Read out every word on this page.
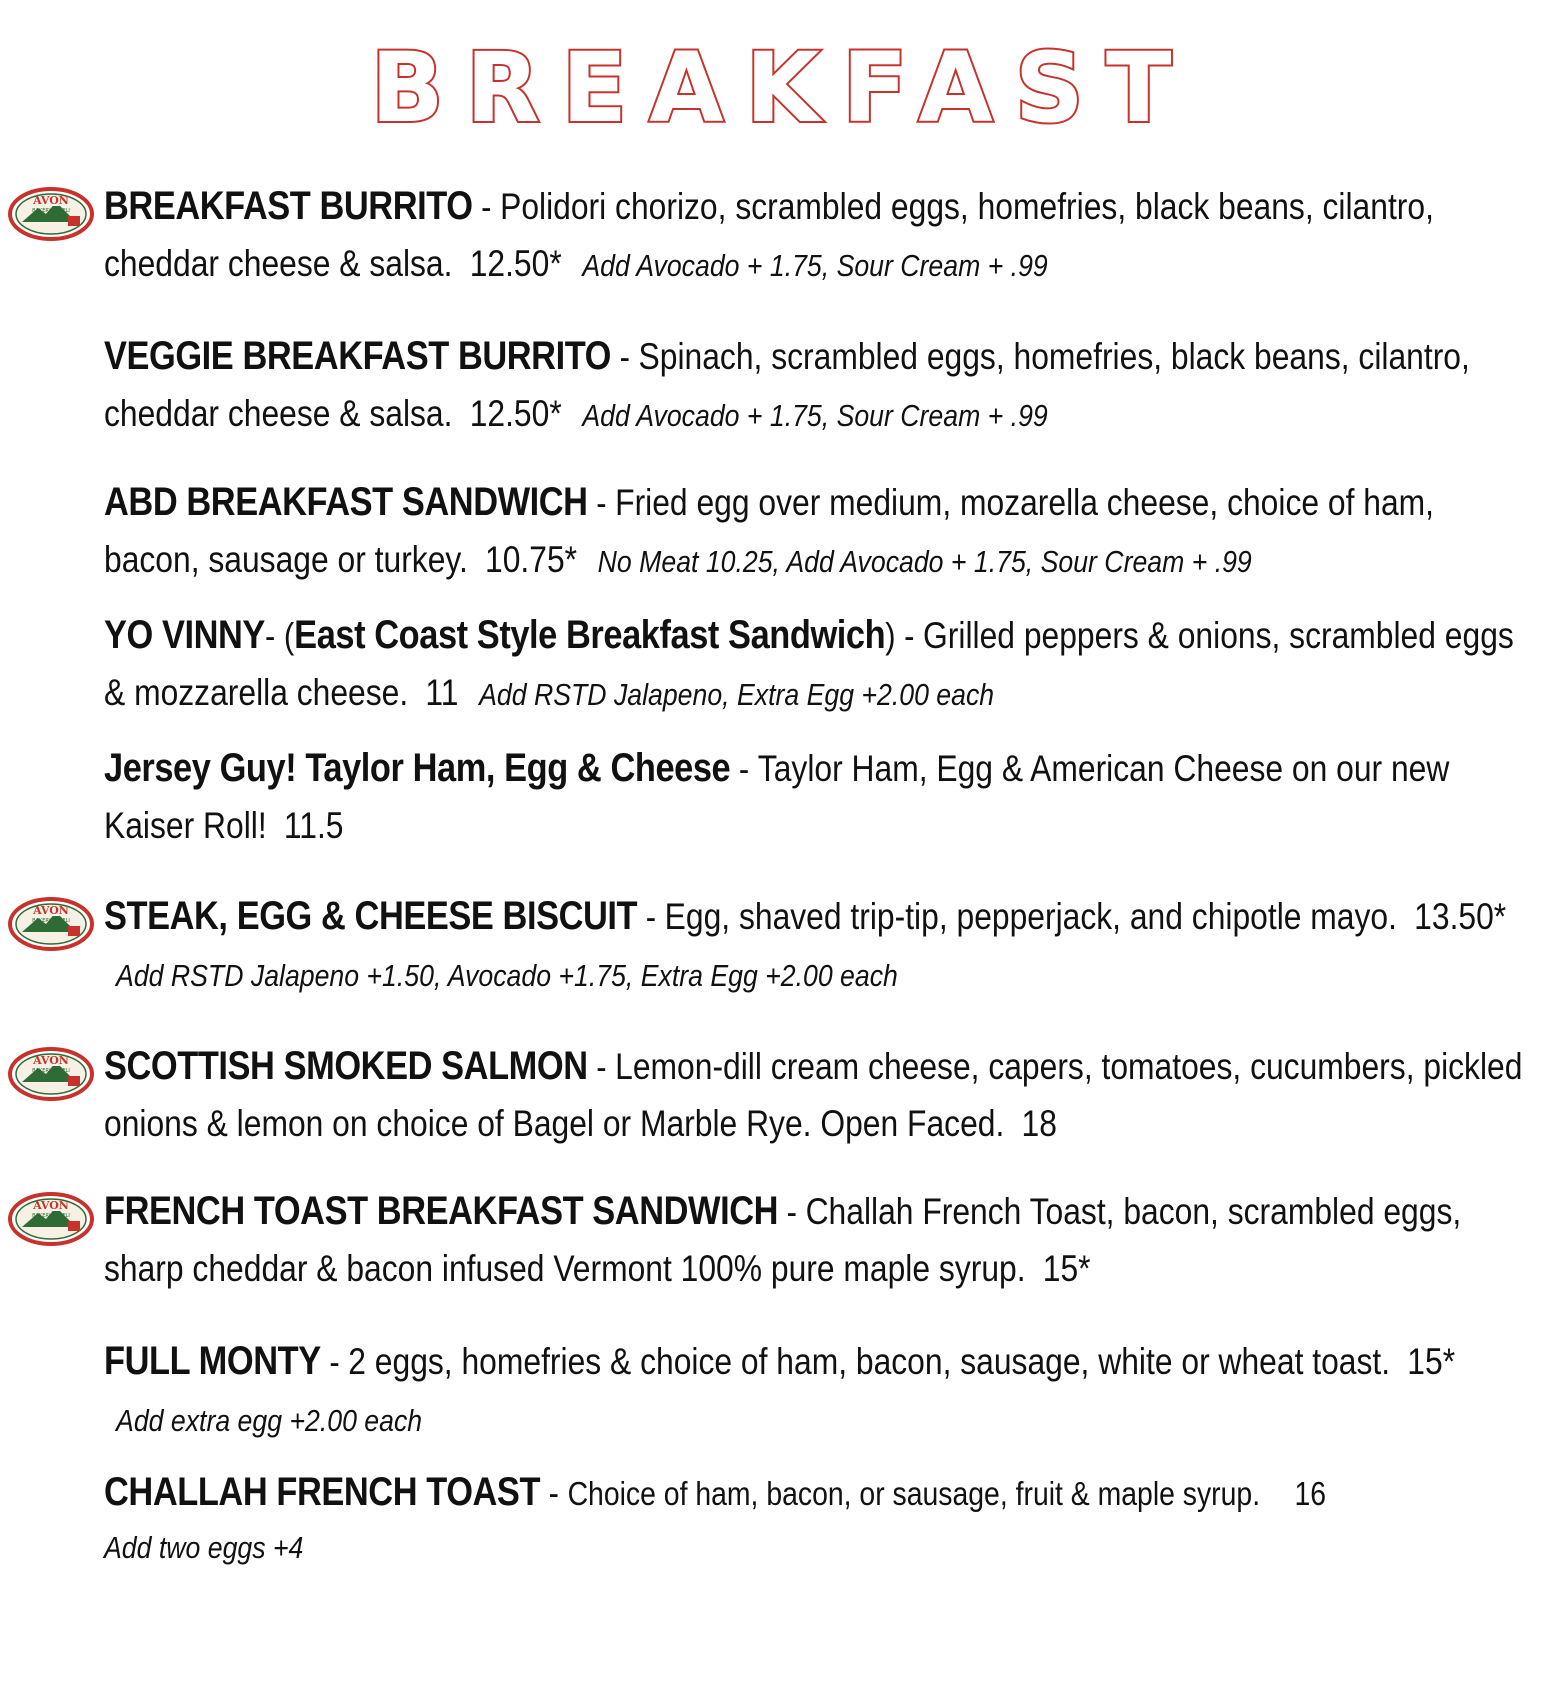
BREAKFAST
AVON
BAKERY & DELI BREAKFAST BURRITO - Polidori chorizo, scrambled eggs, homefries, black beans, cilantro, cheddar cheese & salsa. 12.50* Add Avocado + 1.75, Sour Cream + .99
VEGGIE BREAKFAST BURRITO - Spinach, scrambled eggs, homefries, black beans, cilantro, cheddar cheese & salsa. 12.50* Add Avocado + 1.75, Sour Cream + .99
ABD BREAKFAST SANDWICH - Fried egg over medium, mozarella cheese, choice of ham, bacon, sausage or turkey. 10.75* No Meat 10.25, Add Avocado + 1.75, Sour Cream + .99
YO VINNY- (East Coast Style Breakfast Sandwich) - Grilled peppers & onions, scrambled eggs & mozzarella cheese. 11 Add RSTD Jalapeno, Extra Egg +2.00 each
Jersey Guy! Taylor Ham, Egg & Cheese - Taylor Ham, Egg & American Cheese on our new Kaiser Roll! 11.5
AVON
BAKERY & DELI STEAK, EGG & CHEESE BISCUIT - Egg, shaved trip-tip, pepperjack, and chipotle mayo. 13.50* Add RSTD Jalapeno +1.50, Avocado +1.75, Extra Egg +2.00 each
AVON
BAKERY & DELI SCOTTISH SMOKED SALMON - Lemon-dill cream cheese, capers, tomatoes, cucumbers, pickled onions & lemon on choice of Bagel or Marble Rye. Open Faced. 18
AVON
BAKERY & DELI FRENCH TOAST BREAKFAST SANDWICH - Challah French Toast, bacon, scrambled eggs, sharp cheddar & bacon infused Vermont 100% pure maple syrup. 15*
FULL MONTY - 2 eggs, homefries & choice of ham, bacon, sausage, white or wheat toast. 15* Add extra egg +2.00 each
CHALLAH FRENCH TOAST - Choice of ham, bacon, or sausage, fruit & maple syrup. 16
Add two eggs +4
